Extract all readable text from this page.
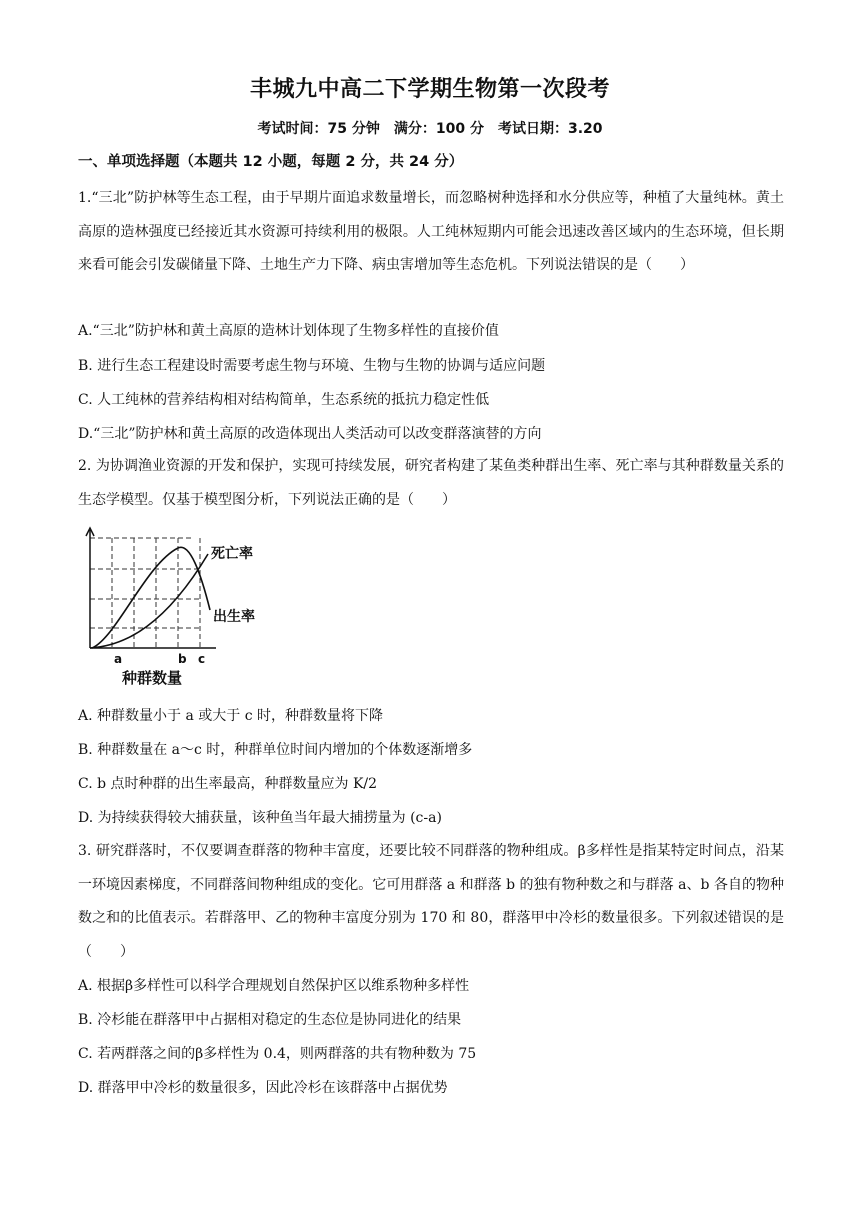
丰城九中高二下学期生物第一次段考
考试时间：75 分钟　满分：100 分　考试日期：3.20
一、单项选择题（本题共 12 小题，每题 2 分，共 24 分）
1.“三北”防护林等生态工程，由于早期片面追求数量增长，而忽略树种选择和水分供应等，种植了大量纯林。黄土高原的造林强度已经接近其水资源可持续利用的极限。人工纯林短期内可能会迅速改善区域内的生态环境，但长期来看可能会引发碳储量下降、土地生产力下降、病虫害增加等生态危机。下列说法错误的是（　　）
A.“三北”防护林和黄土高原的造林计划体现了生物多样性的直接价值
B. 进行生态工程建设时需要考虑生物与环境、生物与生物的协调与适应问题
C. 人工纯林的营养结构相对结构简单，生态系统的抵抗力稳定性低
D.“三北”防护林和黄土高原的改造体现出人类活动可以改变群落演替的方向
2. 为协调渔业资源的开发和保护，实现可持续发展，研究者构建了某鱼类种群出生率、死亡率与其种群数量关系的生态学模型。仅基于模型图分析，下列说法正确的是（　　）
死亡率
出生率
a	b c
种群数量
A. 种群数量小于 a 或大于 c 时，种群数量将下降
B. 种群数量在 a～c 时，种群单位时间内增加的个体数逐渐增多
C. b 点时种群的出生率最高，种群数量应为 K/2
D. 为持续获得较大捕获量，该种鱼当年最大捕捞量为 (c-a)
3. 研究群落时，不仅要调查群落的物种丰富度，还要比较不同群落的物种组成。β多样性是指某特定时间点，沿某一环境因素梯度，不同群落间物种组成的变化。它可用群落 a 和群落 b 的独有物种数之和与群落 a、b 各自的物种数之和的比值表示。若群落甲、乙的物种丰富度分别为 170 和 80，群落甲中冷杉的数量很多。下列叙述错误的是（　　）
A. 根据β多样性可以科学合理规划自然保护区以维系物种多样性
B. 冷杉能在群落甲中占据相对稳定的生态位是协同进化的结果
C. 若两群落之间的β多样性为 0.4，则两群落的共有物种数为 75
D. 群落甲中冷杉的数量很多，因此冷杉在该群落中占据优势
